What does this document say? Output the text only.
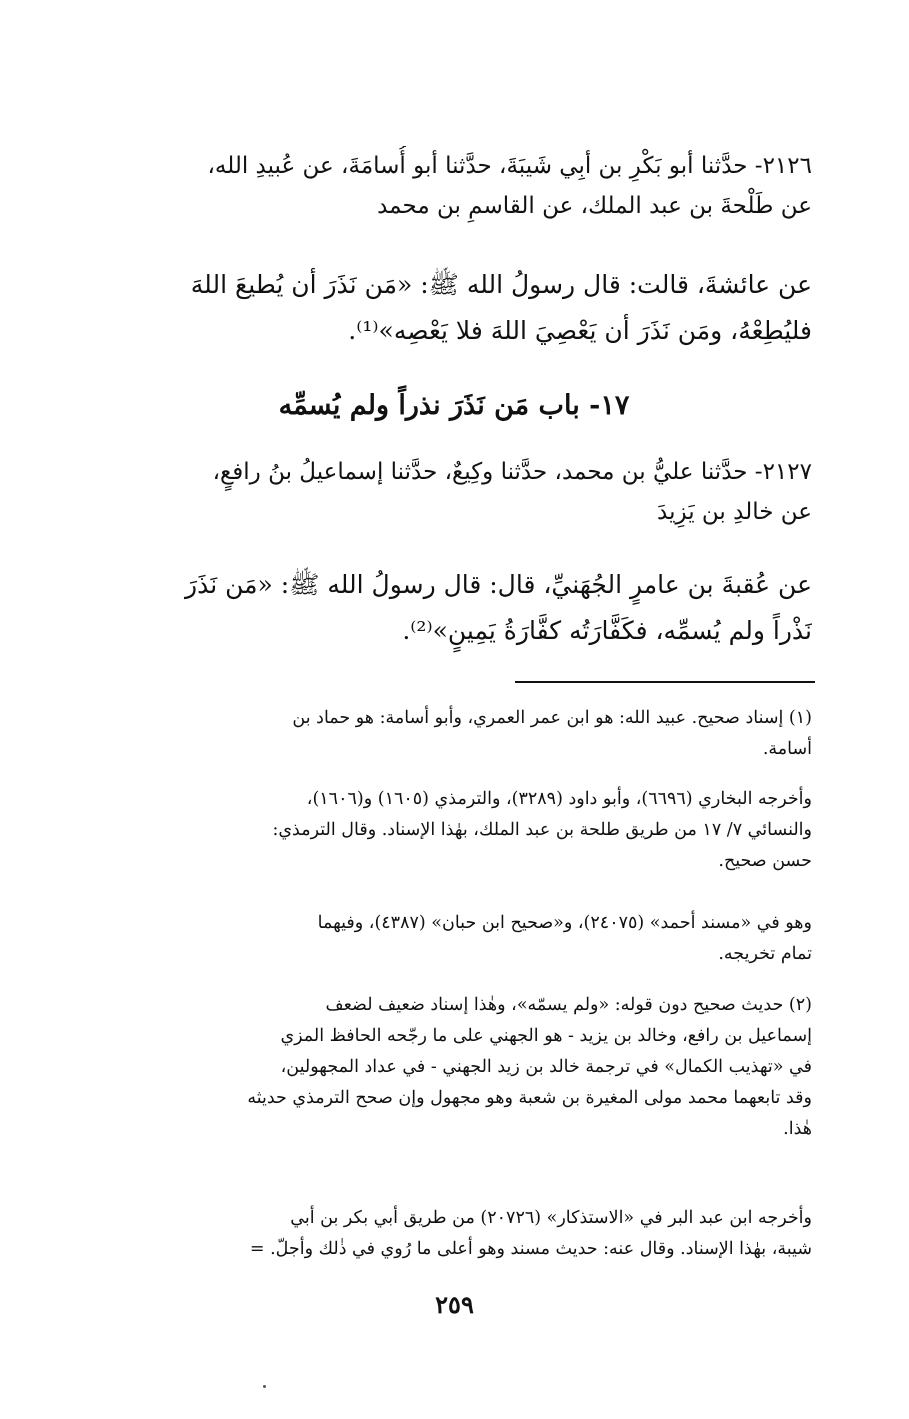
٢١٢٦- حدَّثنا أبو بَكْرِ بن أبِي شَيبَةَ، حدَّثنا أبو أُسامَةَ، عن عُبيدِ الله،
عن طَلْحةَ بن عبد الملك، عن القاسمِ بن محمد
عن عائشةَ، قالت: قال رسولُ الله ﷺ: «مَن نَذَرَ أن يُطيعَ اللهَ
فليُطِعْهُ، ومَن نَذَرَ أن يَعْصِيَ اللهَ فلا يَعْصِه»⁽¹⁾.
١٧- باب مَن نَذَرَ نذراً ولم يُسمِّه
٢١٢٧- حدَّثنا عليُّ بن محمد، حدَّثنا وكِيعٌ، حدَّثنا إسماعيلُ بنُ رافعٍ،
عن خالدِ بن يَزِيدَ
عن عُقبةَ بن عامرٍ الجُهَنيِّ، قال: قال رسولُ الله ﷺ: «مَن نَذَرَ
نَذْراً ولم يُسمِّه، فكَفَّارَتُه كفَّارَةُ يَمِينٍ»⁽²⁾.
(١) إسناد صحيح. عبيد الله: هو ابن عمر العمري، وأبو أسامة: هو حماد بن
أسامة.
وأخرجه البخاري (٦٦٩٦)، وأبو داود (٣٢٨٩)، والترمذي (١٦٠٥) و(١٦٠٦)،
والنسائي ٧/ ١٧ من طريق طلحة بن عبد الملك، بهٰذا الإسناد. وقال الترمذي:
حسن صحيح.
وهو في «مسند أحمد» (٢٤٠٧٥)، و«صحيح ابن حبان» (٤٣٨٧)، وفيهما
تمام تخريجه.
(٢) حديث صحيح دون قوله: «ولم يسمّه»، وهٰذا إسناد ضعيف لضعف
إسماعيل بن رافع، وخالد بن يزيد - هو الجهني على ما رجّحه الحافظ المزي
في «تهذيب الكمال» في ترجمة خالد بن زيد الجهني - في عداد المجهولين،
وقد تابعهما محمد مولى المغيرة بن شعبة وهو مجهول وإن صحح الترمذي حديثه
هٰذا.
وأخرجه ابن عبد البر في «الاستذكار» (٢٠٧٢٦) من طريق أبي بكر بن أبي
شيبة، بهٰذا الإسناد. وقال عنه: حديث مسند وهو أعلى ما رُوي في ذٰلك وأجلّ. =
٢٥٩
